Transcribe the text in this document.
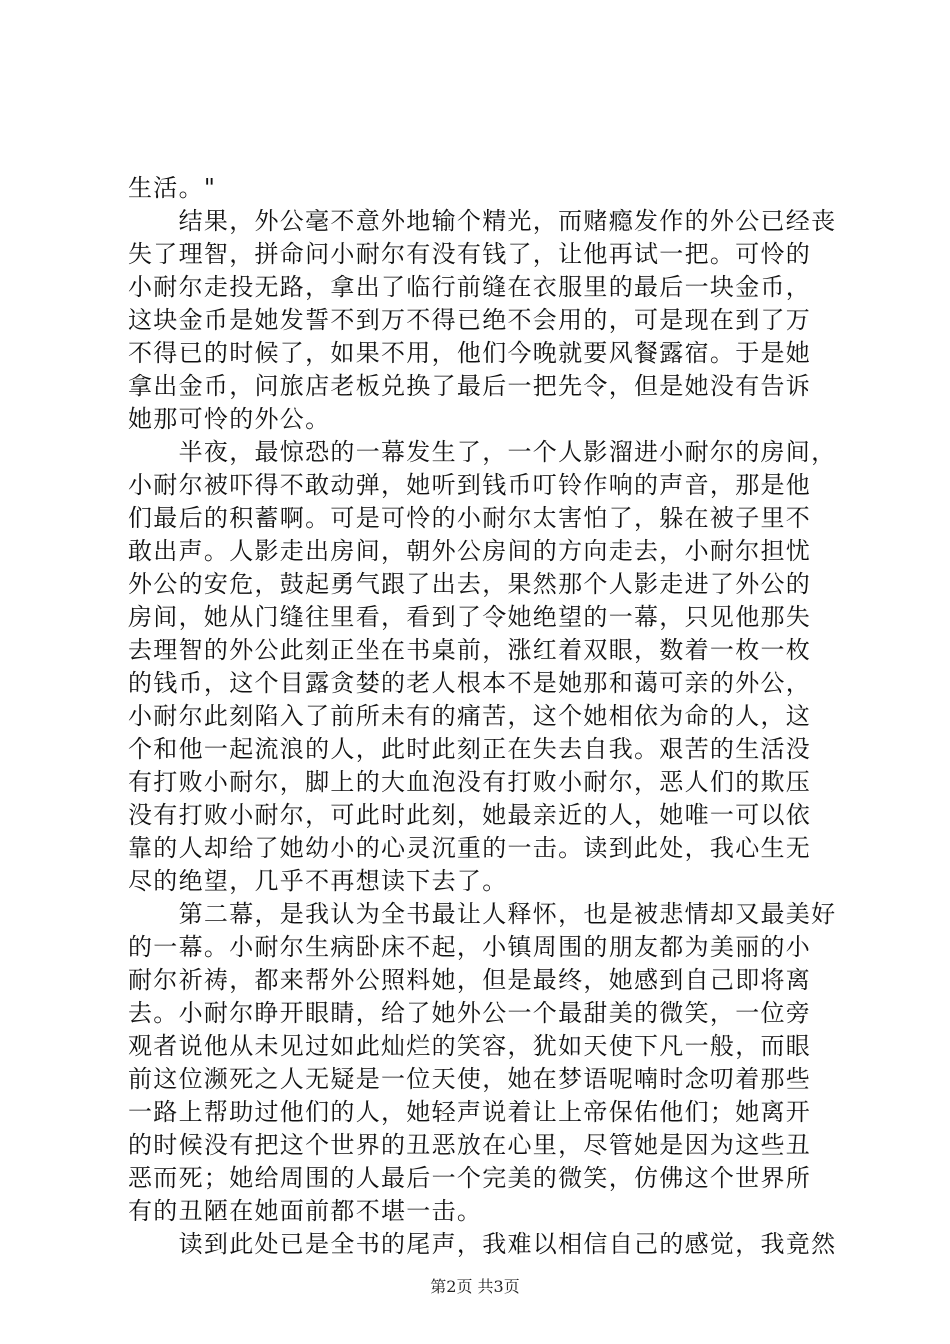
生活。"
　　结果，外公毫不意外地输个精光，而赌瘾发作的外公已经丧
失了理智，拼命问小耐尔有没有钱了，让他再试一把。可怜的
小耐尔走投无路，拿出了临行前缝在衣服里的最后一块金币，
这块金币是她发誓不到万不得已绝不会用的，可是现在到了万
不得已的时候了，如果不用，他们今晚就要风餐露宿。于是她
拿出金币，问旅店老板兑换了最后一把先令，但是她没有告诉
她那可怜的外公。
　　半夜，最惊恐的一幕发生了，一个人影溜进小耐尔的房间，
小耐尔被吓得不敢动弹，她听到钱币叮铃作响的声音，那是他
们最后的积蓄啊。可是可怜的小耐尔太害怕了，躲在被子里不
敢出声。人影走出房间，朝外公房间的方向走去，小耐尔担忧
外公的安危，鼓起勇气跟了出去，果然那个人影走进了外公的
房间，她从门缝往里看，看到了令她绝望的一幕，只见他那失
去理智的外公此刻正坐在书桌前，涨红着双眼，数着一枚一枚
的钱币，这个目露贪婪的老人根本不是她那和蔼可亲的外公，
小耐尔此刻陷入了前所未有的痛苦，这个她相依为命的人，这
个和他一起流浪的人，此时此刻正在失去自我。艰苦的生活没
有打败小耐尔，脚上的大血泡没有打败小耐尔，恶人们的欺压
没有打败小耐尔，可此时此刻，她最亲近的人，她唯一可以依
靠的人却给了她幼小的心灵沉重的一击。读到此处，我心生无
尽的绝望，几乎不再想读下去了。
　　第二幕，是我认为全书最让人释怀，也是被悲情却又最美好
的一幕。小耐尔生病卧床不起，小镇周围的朋友都为美丽的小
耐尔祈祷，都来帮外公照料她，但是最终，她感到自己即将离
去。小耐尔睁开眼睛，给了她外公一个最甜美的微笑，一位旁
观者说他从未见过如此灿烂的笑容，犹如天使下凡一般，而眼
前这位濒死之人无疑是一位天使，她在梦语呢喃时念叨着那些
一路上帮助过他们的人，她轻声说着让上帝保佑他们；她离开
的时候没有把这个世界的丑恶放在心里，尽管她是因为这些丑
恶而死；她给周围的人最后一个完美的微笑，仿佛这个世界所
有的丑陋在她面前都不堪一击。
　　读到此处已是全书的尾声，我难以相信自己的感觉，我竟然
第2页 共3页
